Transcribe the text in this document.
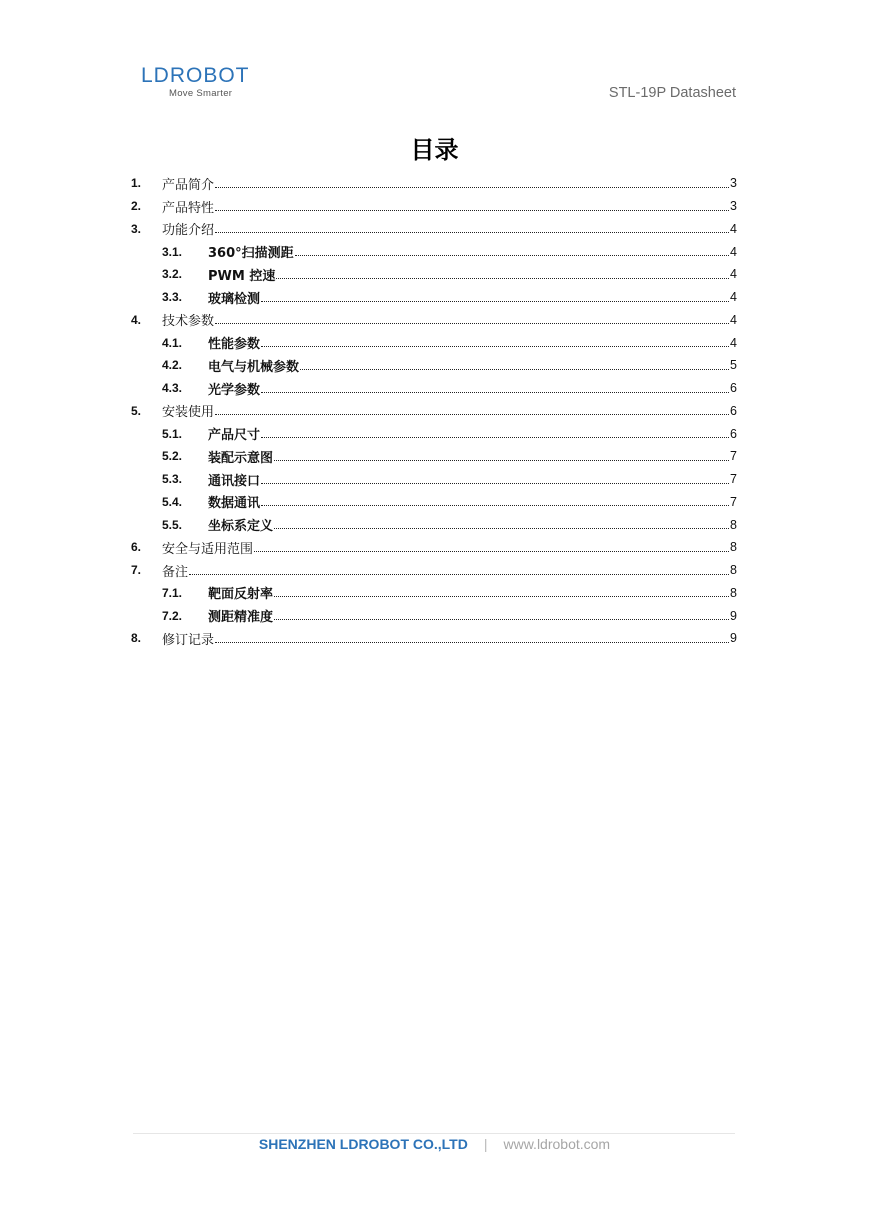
LDROBOT
Move Smarter	STL-19P Datasheet
目录
1.	产品简介	3
2.	产品特性	3
3.	功能介绍	4
3.1.	360°扫描测距	4
3.2.	PWM 控速	4
3.3.	玻璃检测	4
4.	技术参数	4
4.1.	性能参数	4
4.2.	电气与机械参数	5
4.3.	光学参数	6
5.	安装使用	6
5.1.	产品尺寸	6
5.2.	装配示意图	7
5.3.	通讯接口	7
5.4.	数据通讯	7
5.5.	坐标系定义	8
6.	安全与适用范围	8
7.	备注	8
7.1.	靶面反射率	8
7.2.	测距精准度	9
8.	修订记录	9
SHENZHEN LDROBOT CO.,LTD | www.ldrobot.com
